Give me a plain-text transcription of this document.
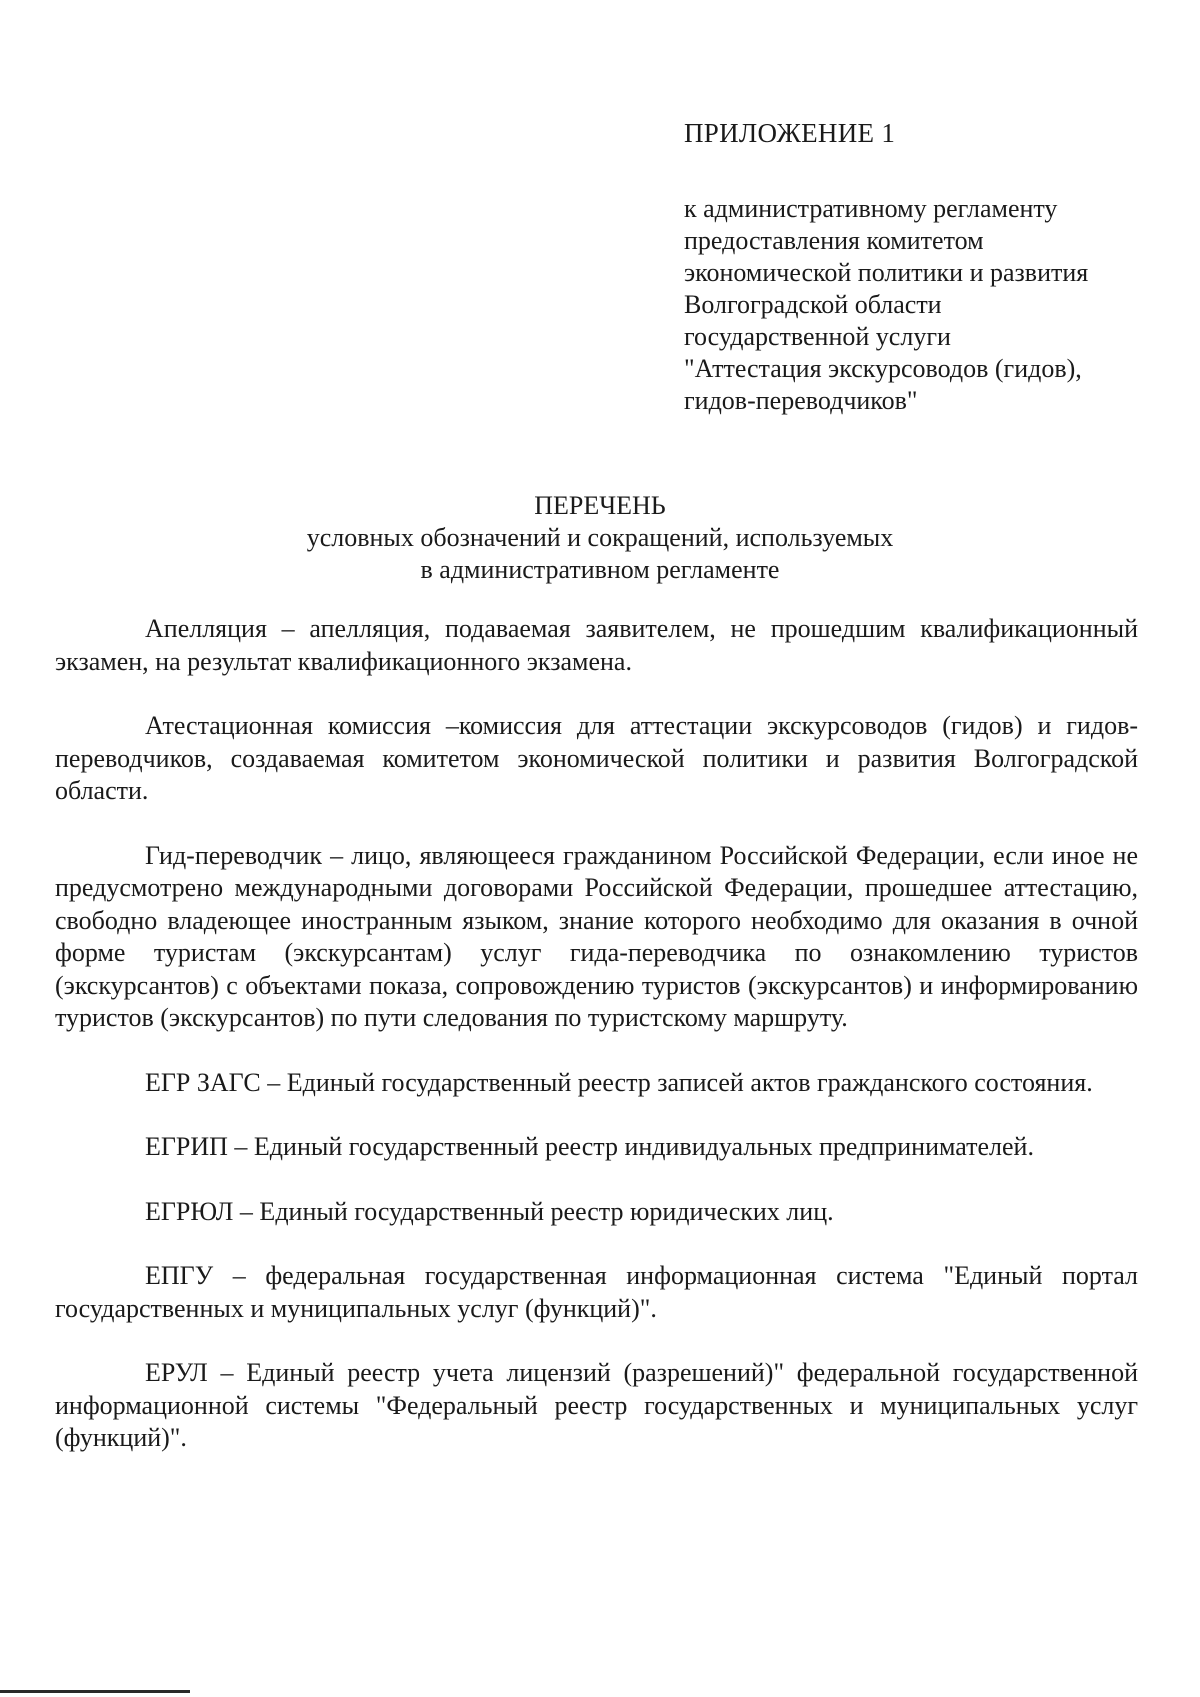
ПРИЛОЖЕНИЕ 1
к административному регламенту
предоставления комитетом
экономической политики и развития
Волгоградской области
государственной услуги
"Аттестация экскурсоводов (гидов),
гидов-переводчиков"
ПЕРЕЧЕНЬ
условных обозначений и сокращений, используемых
в административном регламенте

Апелляция – апелляция, подаваемая заявителем, не прошедшим квалификационный экзамен, на результат квалификационного экзамена.

Атестационная комиссия –комиссия для аттестации экскурсоводов (гидов) и гидов-переводчиков, создаваемая комитетом экономической политики и развития Волгоградской области.

Гид-переводчик – лицо, являющееся гражданином Российской Федерации, если иное не предусмотрено международными договорами Российской Федерации, прошедшее аттестацию, свободно владеющее иностранным языком, знание которого необходимо для оказания в очной форме туристам (экскурсантам) услуг гида-переводчика по ознакомлению туристов (экскурсантов) с объектами показа, сопровождению туристов (экскурсантов) и информированию туристов (экскурсантов) по пути следования по туристскому маршруту.

ЕГР ЗАГС – Единый государственный реестр записей актов гражданского состояния.

ЕГРИП – Единый государственный реестр индивидуальных предпринимателей.

ЕГРЮЛ – Единый государственный реестр юридических лиц.

ЕПГУ – федеральная государственная информационная система "Единый портал государственных и муниципальных услуг (функций)".

ЕРУЛ – Единый реестр учета лицензий (разрешений)" федеральной государственной информационной системы "Федеральный реестр государственных и муниципальных услуг (функций)".
